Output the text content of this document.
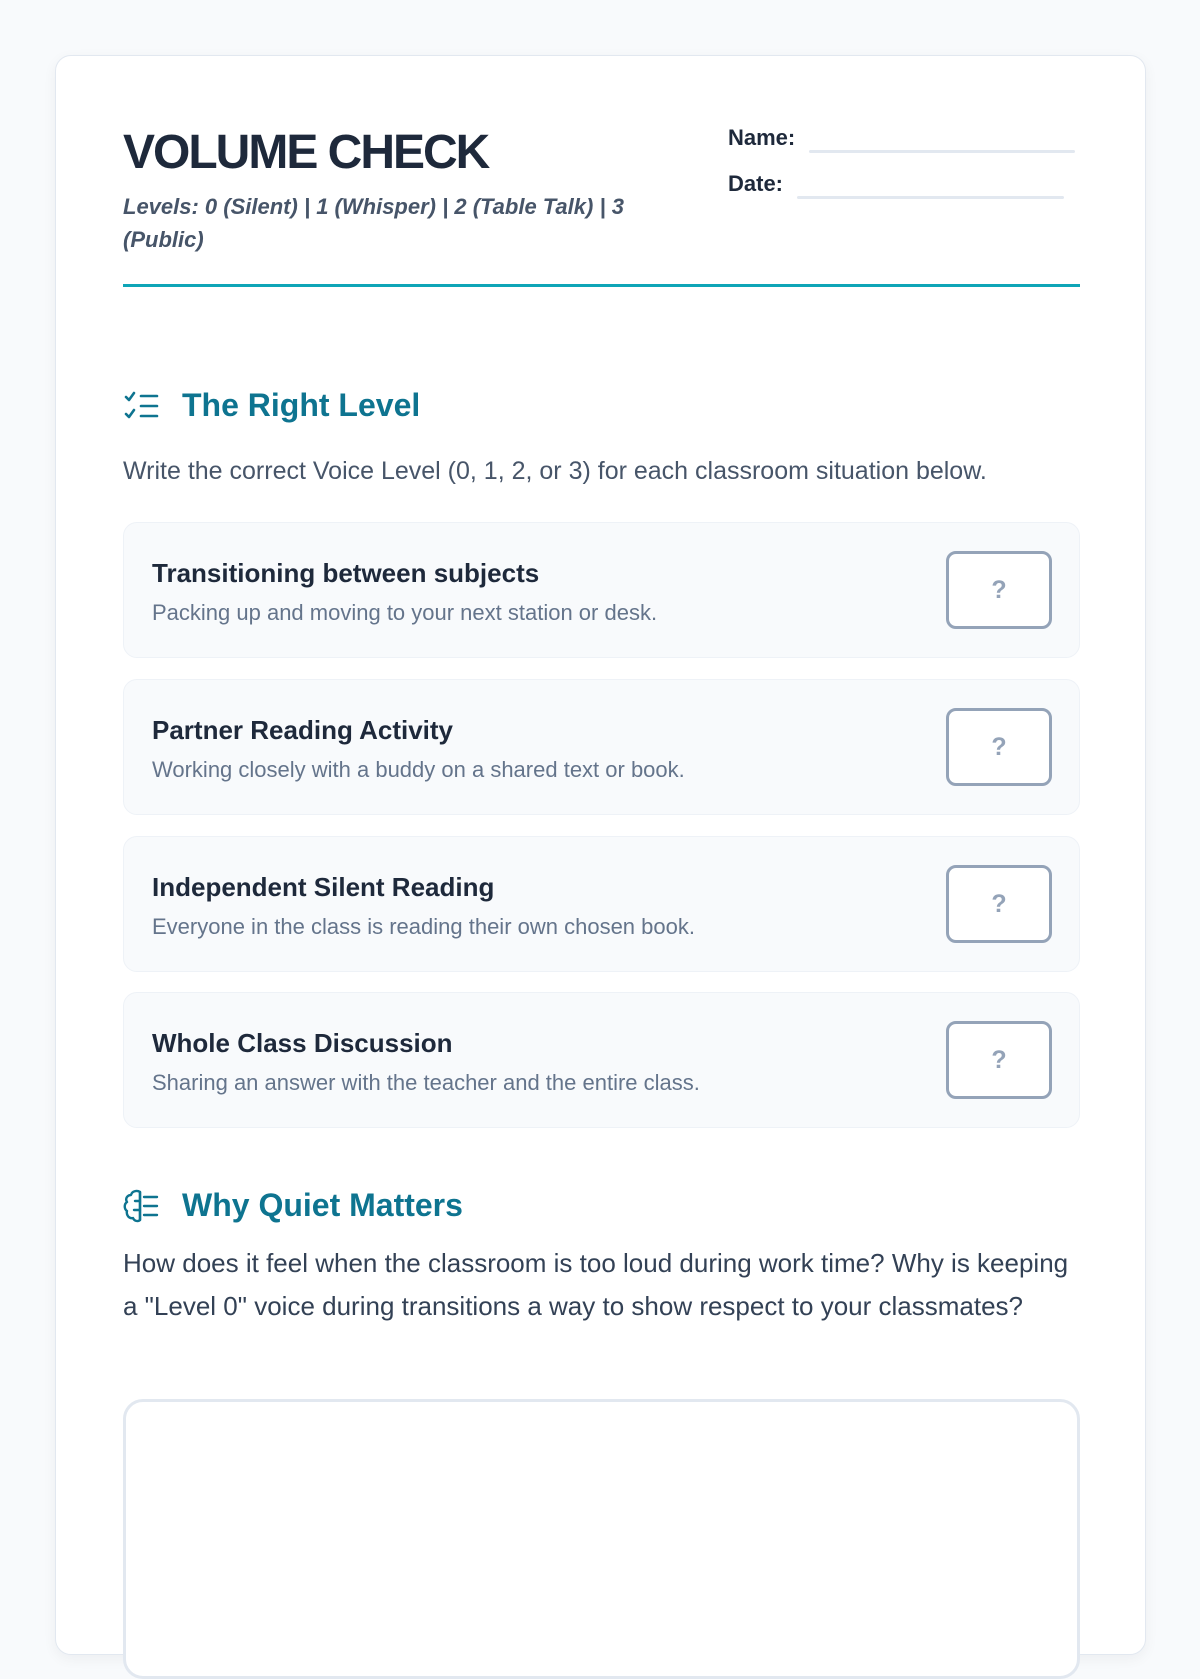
VOLUME CHECK
Levels: 0 (Silent) | 1 (Whisper) | 2 (Table Talk) | 3 (Public)
Name:
Date:
The Right Level
Write the correct Voice Level (0, 1, 2, or 3) for each classroom situation below.
Transitioning between subjects
Packing up and moving to your next station or desk.
?
Partner Reading Activity
Working closely with a buddy on a shared text or book.
?
Independent Silent Reading
Everyone in the class is reading their own chosen book.
?
Whole Class Discussion
Sharing an answer with the teacher and the entire class.
?
Why Quiet Matters
How does it feel when the classroom is too loud during work time? Why is keeping a "Level 0" voice during transitions a way to show respect to your classmates?
